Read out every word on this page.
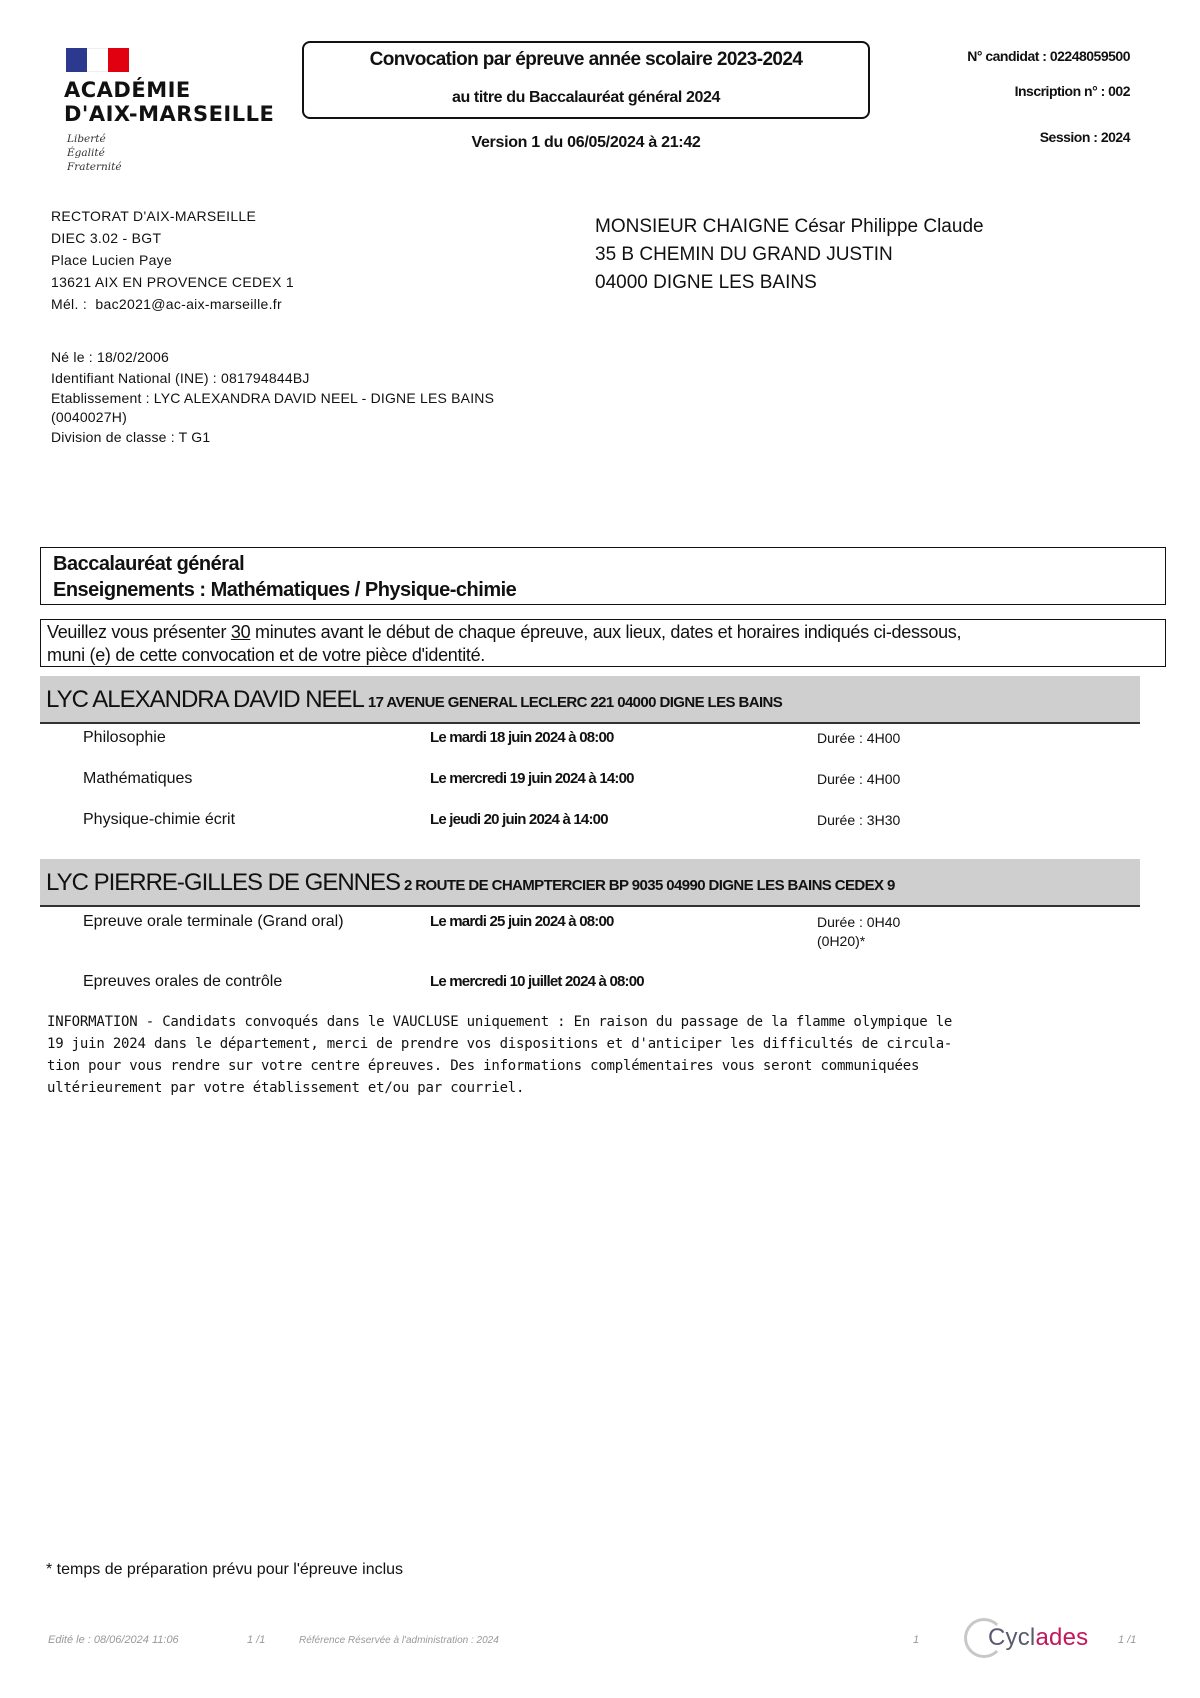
ACADÉMIE
D'AIX-MARSEILLE
Liberté
Égalité
Fraternité
Convocation par épreuve année scolaire 2023-2024
au titre du Baccalauréat général 2024
Version 1 du 06/05/2024 à 21:42
N° candidat : 02248059500
Inscription n° : 002
Session : 2024
RECTORAT D'AIX-MARSEILLE
DIEC 3.02 - BGT
Place Lucien Paye
13621 AIX EN PROVENCE CEDEX 1
Mél. : bac2021@ac-aix-marseille.fr
MONSIEUR CHAIGNE César Philippe Claude
35 B CHEMIN DU GRAND JUSTIN
04000 DIGNE LES BAINS
Né le : 18/02/2006
Identifiant National (INE) : 081794844BJ
Etablissement : LYC ALEXANDRA DAVID NEEL - DIGNE LES BAINS
(0040027H)
Division de classe : T G1
Baccalauréat général
Enseignements : Mathématiques / Physique-chimie
Veuillez vous présenter 30 minutes avant le début de chaque épreuve, aux lieux, dates et horaires indiqués ci-dessous,
muni (e) de cette convocation et de votre pièce d'identité.
LYC ALEXANDRA DAVID NEEL 17 AVENUE GENERAL LECLERC 221 04000 DIGNE LES BAINS
Philosophie	Le mardi 18 juin 2024 à 08:00	Durée : 4H00
Mathématiques	Le mercredi 19 juin 2024 à 14:00	Durée : 4H00
Physique-chimie écrit	Le jeudi 20 juin 2024 à 14:00	Durée : 3H30
LYC PIERRE-GILLES DE GENNES 2 ROUTE DE CHAMPTERCIER BP 9035 04990 DIGNE LES BAINS CEDEX 9
Epreuve orale terminale (Grand oral)	Le mardi 25 juin 2024 à 08:00	Durée : 0H40
(0H20)*
Epreuves orales de contrôle	Le mercredi 10 juillet 2024 à 08:00
INFORMATION - Candidats convoqués dans le VAUCLUSE uniquement : En raison du passage de la flamme olympique le
19 juin 2024 dans le département, merci de prendre vos dispositions et d'anticiper les difficultés de circula-
tion pour vous rendre sur votre centre épreuves. Des informations complémentaires vous seront communiquées
ultérieurement par votre établissement et/ou par courriel.
* temps de préparation prévu pour l'épreuve inclus
Edité le : 08/06/2024 11:06	1 /1	Référence Réservée à l'administration : 2024	1	1 /1
Cyclades
